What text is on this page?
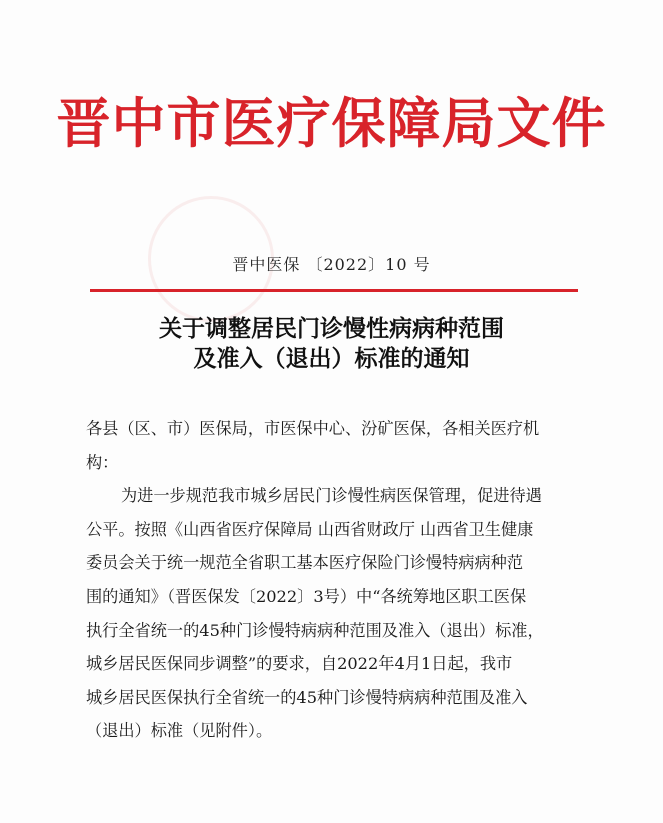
晋中市医疗保障局文件
晋中医保 〔2022〕10 号
关于调整居民门诊慢性病病种范围
及准入（退出）标准的通知
各县（区、市）医保局，市医保中心、汾矿医保，各相关医疗机
构：
为进一步规范我市城乡居民门诊慢性病医保管理，促进待遇
公平。按照《山西省医疗保障局 山西省财政厅 山西省卫生健康
委员会关于统一规范全省职工基本医疗保险门诊慢特病病种范
围的通知》（晋医保发〔2022〕3号）中“各统筹地区职工医保
执行全省统一的45种门诊慢特病病种范围及准入（退出）标准，
城乡居民医保同步调整”的要求，自2022年4月1日起，我市
城乡居民医保执行全省统一的45种门诊慢特病病种范围及准入
（退出）标准（见附件）。
